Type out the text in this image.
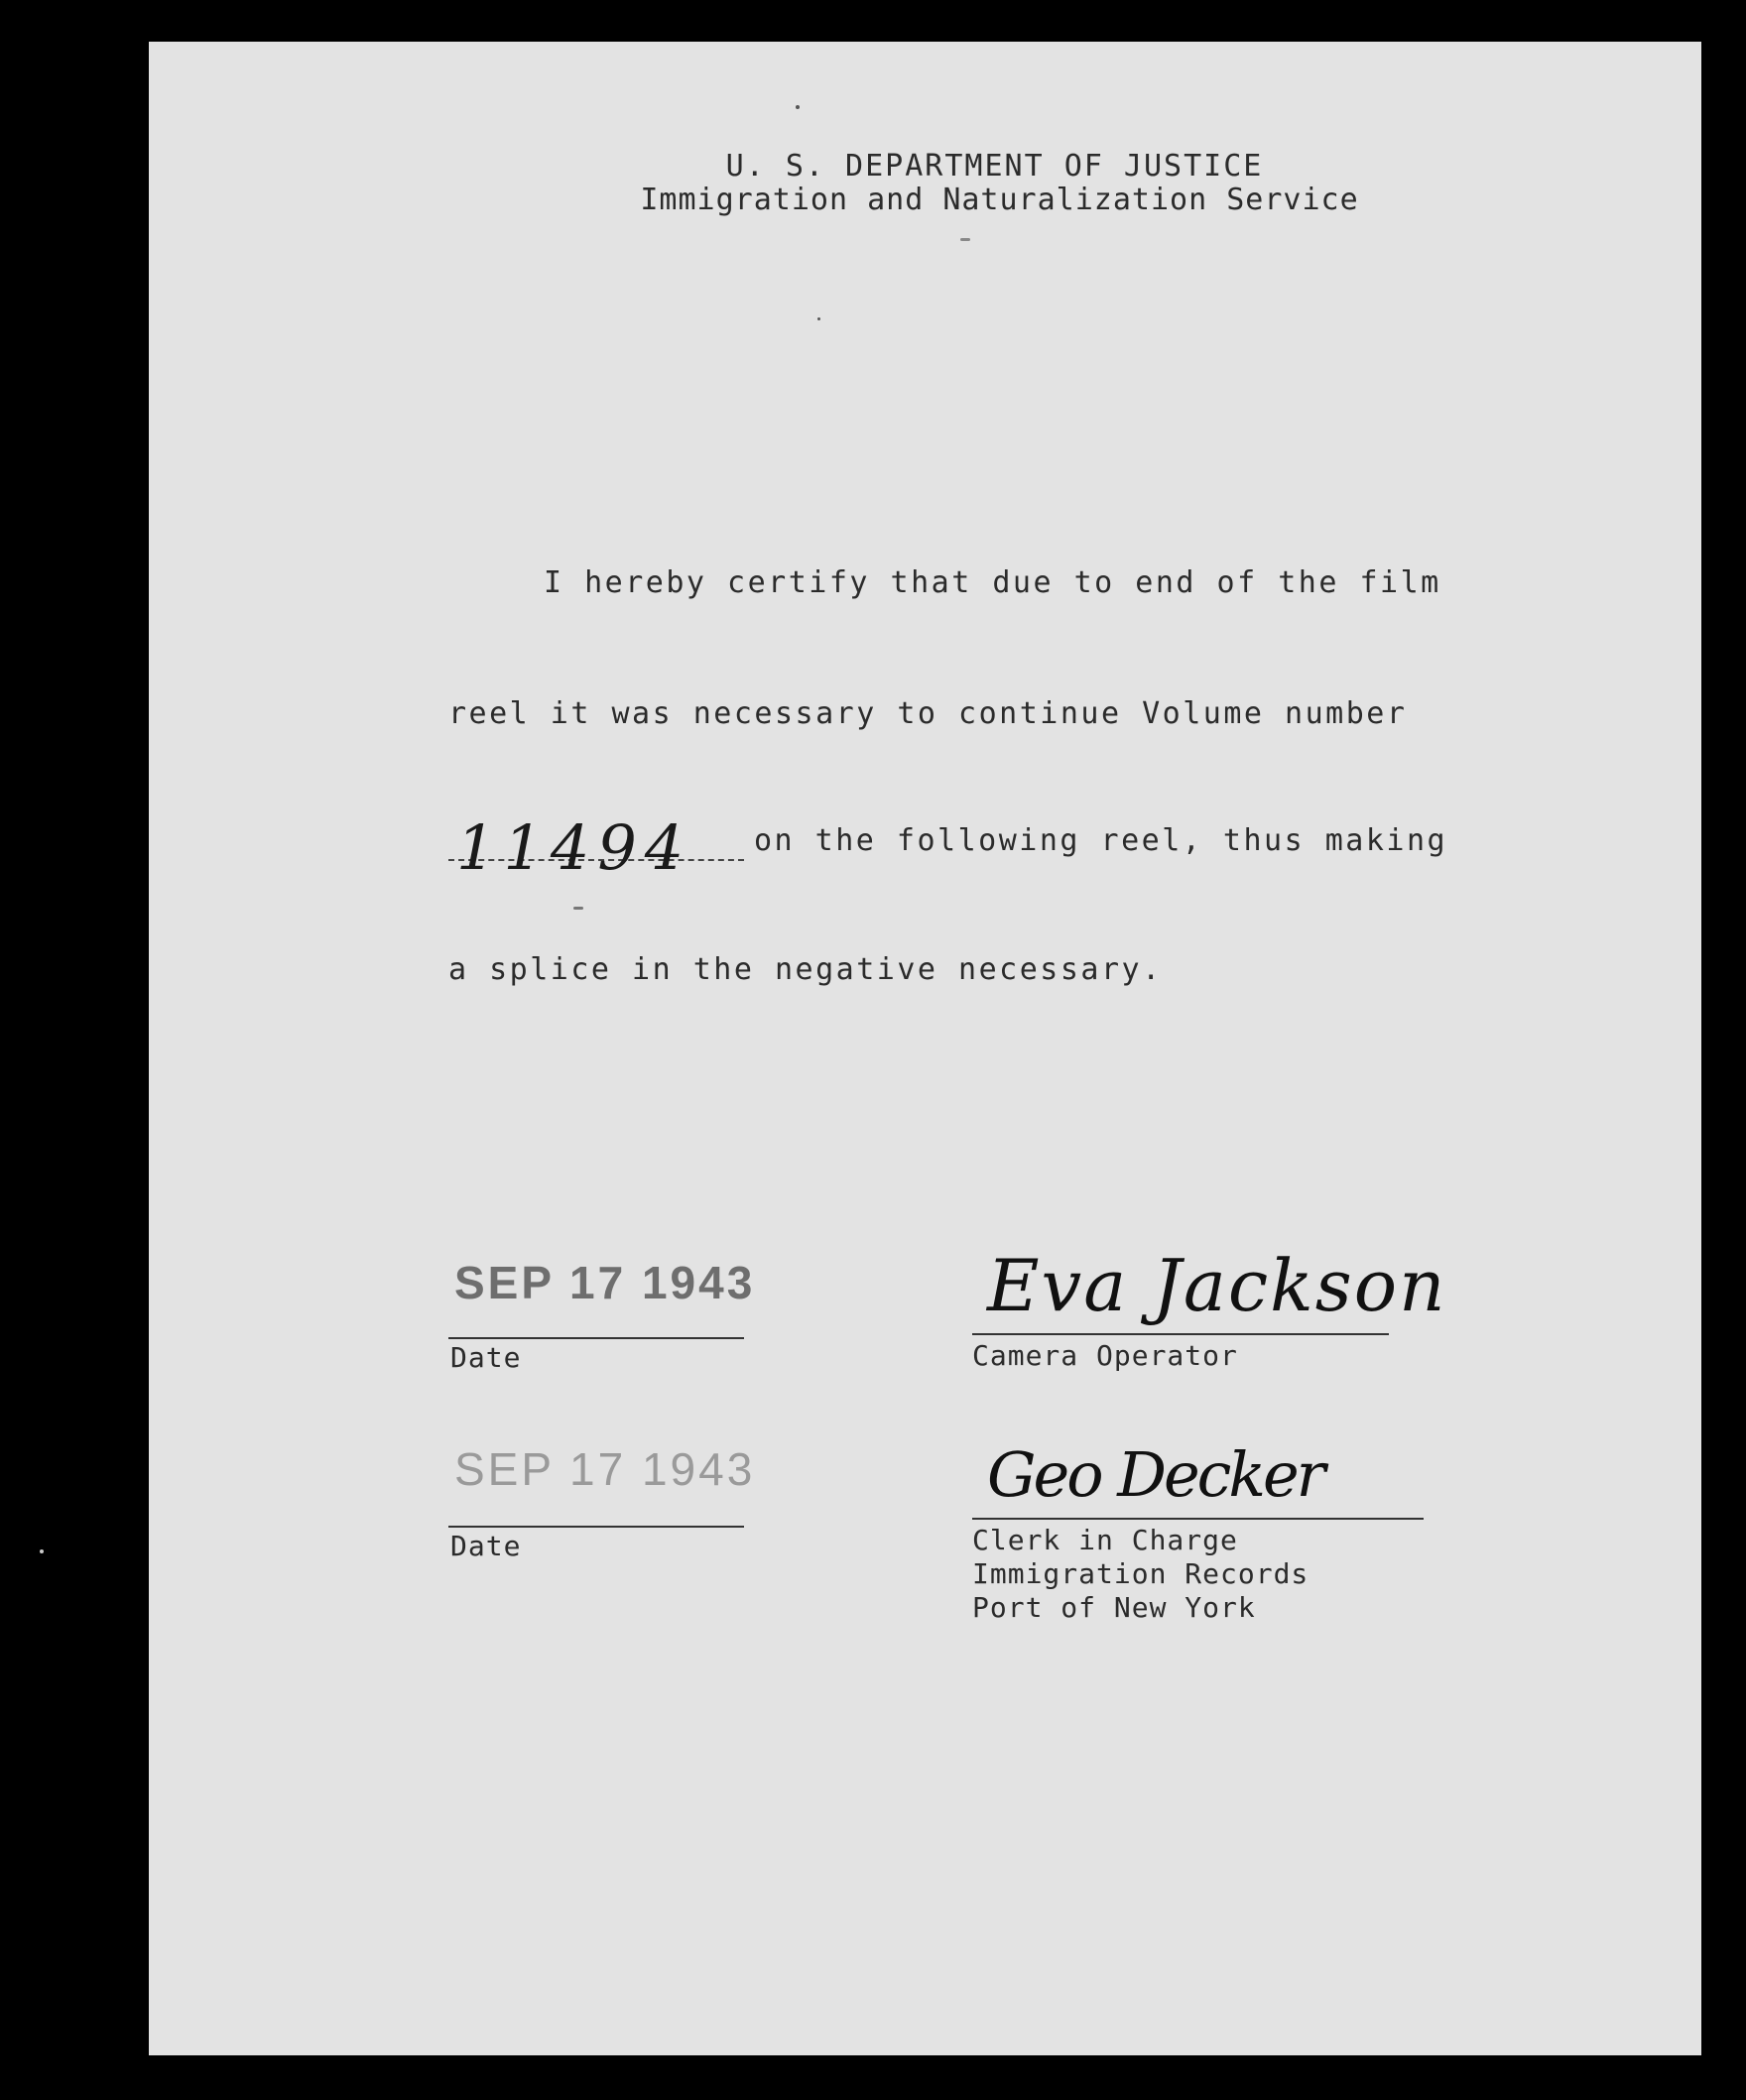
U. S. DEPARTMENT OF JUSTICE
Immigration and Naturalization Service
I hereby certify that due to end of the film
reel it was necessary to continue Volume number
11494 on the following reel, thus making
a splice in the negative necessary.
SEP 17 1943
Date
Eva Jackson
Camera Operator
SEP 17 1943
Date
Geo Decker
Clerk in Charge
Immigration Records
Port of New York
